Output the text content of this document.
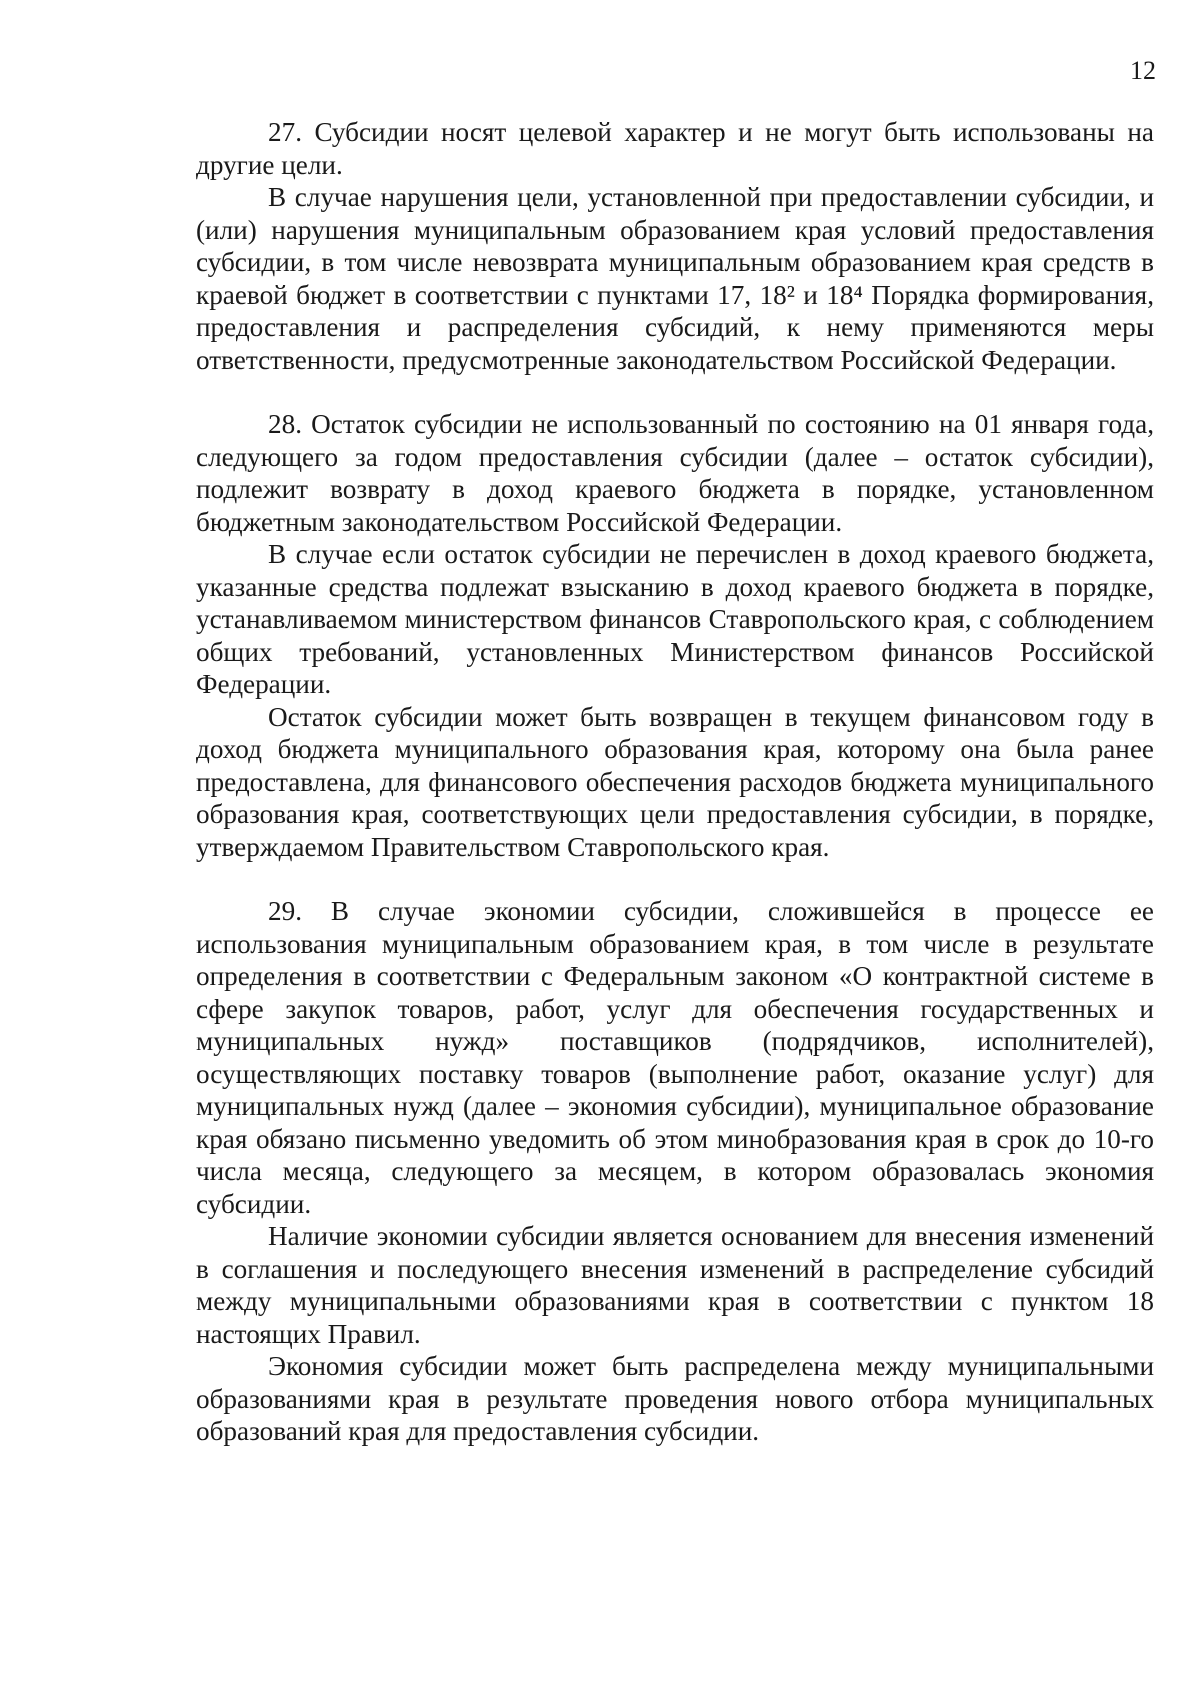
12

27. Субсидии носят целевой характер и не могут быть использованы на другие цели.

В случае нарушения цели, установленной при предоставлении субсидии, и (или) нарушения муниципальным образованием края условий предоставления субсидии, в том числе невозврата муниципальным образованием края средств в краевой бюджет в соответствии с пунктами 17, 18² и 18⁴ Порядка формирования, предоставления и распределения субсидий, к нему применяются меры ответственности, предусмотренные законодательством Российской Федерации.

28. Остаток субсидии не использованный по состоянию на 01 января года, следующего за годом предоставления субсидии (далее – остаток субсидии), подлежит возврату в доход краевого бюджета в порядке, установленном бюджетным законодательством Российской Федерации.

В случае если остаток субсидии не перечислен в доход краевого бюджета, указанные средства подлежат взысканию в доход краевого бюджета в порядке, устанавливаемом министерством финансов Ставропольского края, с соблюдением общих требований, установленных Министерством финансов Российской Федерации.

Остаток субсидии может быть возвращен в текущем финансовом году в доход бюджета муниципального образования края, которому она была ранее предоставлена, для финансового обеспечения расходов бюджета муниципального образования края, соответствующих цели предоставления субсидии, в порядке, утверждаемом Правительством Ставропольского края.

29. В случае экономии субсидии, сложившейся в процессе ее использования муниципальным образованием края, в том числе в результате определения в соответствии с Федеральным законом «О контрактной системе в сфере закупок товаров, работ, услуг для обеспечения государственных и муниципальных нужд» поставщиков (подрядчиков, исполнителей), осуществляющих поставку товаров (выполнение работ, оказание услуг) для муниципальных нужд (далее – экономия субсидии), муниципальное образование края обязано письменно уведомить об этом минобразования края в срок до 10-го числа месяца, следующего за месяцем, в котором образовалась экономия субсидии.

Наличие экономии субсидии является основанием для внесения изменений в соглашения и последующего внесения изменений в распределение субсидий между муниципальными образованиями края в соответствии с пунктом 18 настоящих Правил.

Экономия субсидии может быть распределена между муниципальными образованиями края в результате проведения нового отбора муниципальных образований края для предоставления субсидии.
